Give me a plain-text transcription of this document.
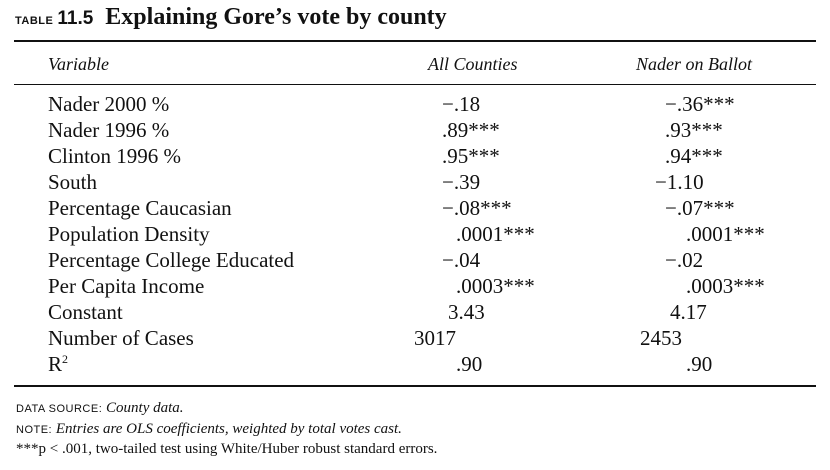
TABLE 11.5 Explaining Gore’s vote by county
Variable	All Counties	Nader on Ballot
Nader 2000 %	−.18	−.36***
Nader 1996 %	.89***	.93***
Clinton 1996 %	.95***	.94***
South	−.39	−1.10
Percentage Caucasian	−.08***	−.07***
Population Density	.0001***	.0001***
Percentage College Educated	−.04	−.02
Per Capita Income	.0003***	.0003***
Constant	3.43	4.17
Number of Cases	3017	2453
$R^2$	.90	.90
DATA SOURCE: County data.
NOTE: Entries are OLS coefficients, weighted by total votes cast.
***p < .001, two-tailed test using White/Huber robust standard errors.
